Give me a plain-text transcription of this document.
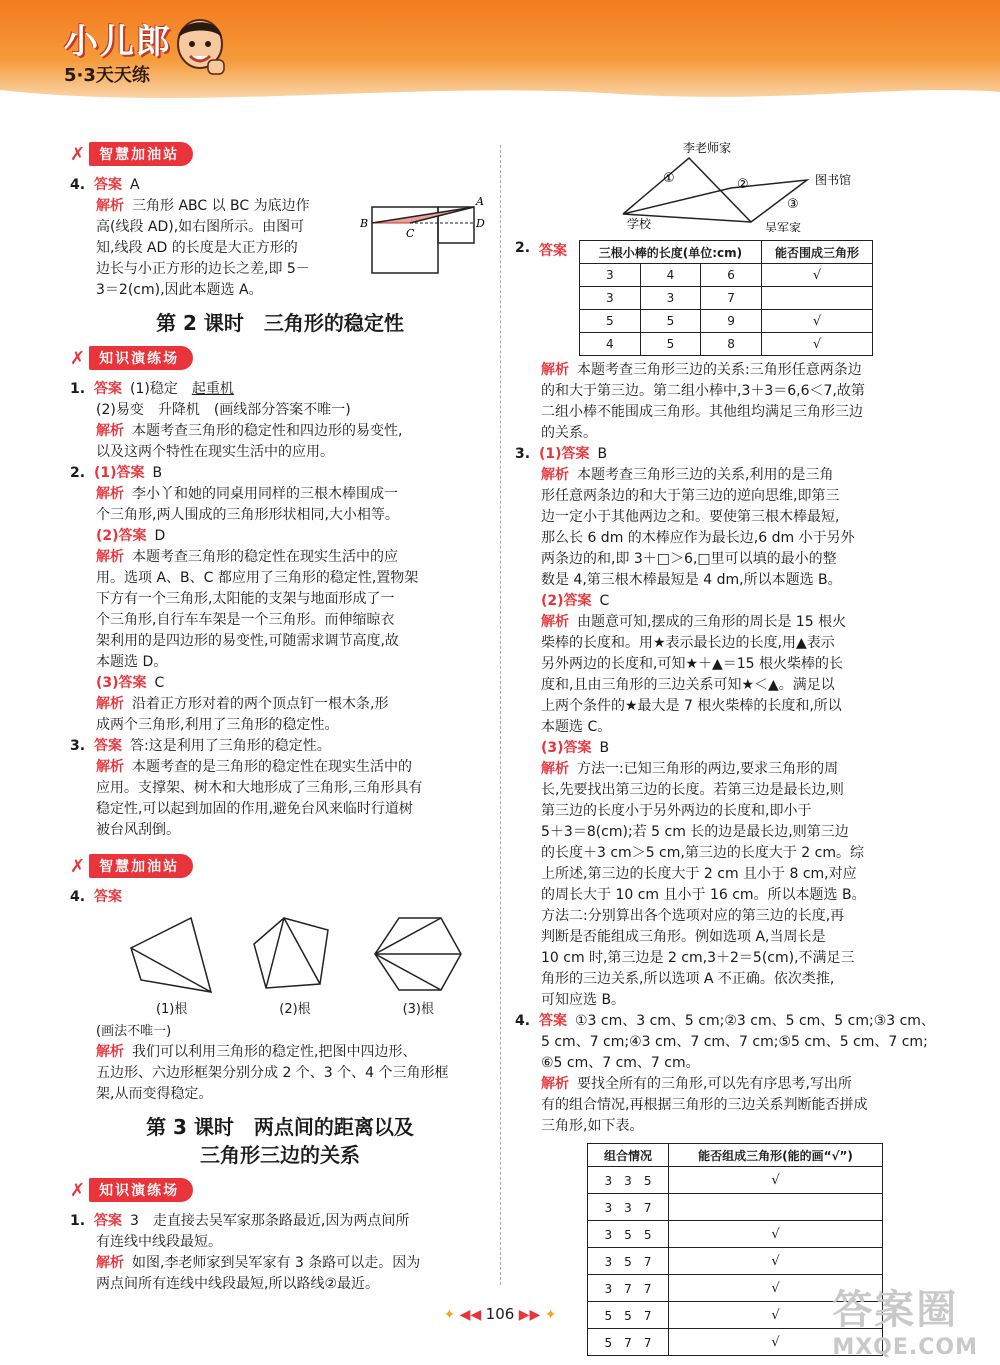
小儿郎
5·3天天练
✗	智慧加油站

4. 答案 A

解析 三角形 ABC 以 BC 为底边作

高(线段 AD),如右图所示。由图可

知,线段 AD 的长度是大正方形的

边长与小正方形的边长之差,即 5－

3＝2(cm),因此本题选 A。

A
B
C
D
第 2 课时　三角形的稳定性
✗	知识演练场

1. 答案 (1)稳定　 起重机

(2)易变　升降机　(画线部分答案不唯一)

解析 本题考查三角形的稳定性和四边形的易变性,

以及这两个特性在现实生活中的应用。

2. (1)答案 B

解析 李小丫和她的同桌用同样的三根木棒围成一

个三角形,两人围成的三角形形状相同,大小相等。

(2)答案 D

解析 本题考查三角形的稳定性在现实生活中的应

用。选项 A、B、C 都应用了三角形的稳定性,置物架

下方有一个三角形,太阳能的支架与地面形成了一

个三角形,自行车车架是一个三角形。而伸缩晾衣

架利用的是四边形的易变性,可随需求调节高度,故

本题选 D。

(3)答案 C

解析 沿着正方形对着的两个顶点钉一根木条,形

成两个三角形,利用了三角形的稳定性。

3. 答案 答:这是利用了三角形的稳定性。

解析 本题考查的是三角形的稳定性在现实生活中的

应用。支撑架、树木和大地形成了三角形,三角形具有

稳定性,可以起到加固的作用,避免台风来临时行道树

被台风刮倒。

✗	智慧加油站

4. 答案

(1)根	(2)根	(3)根

(画法不唯一)

解析 我们可以利用三角形的稳定性,把图中四边形、

五边形、六边形框架分别分成 2 个、3 个、4 个三角形框

架,从而变得稳定。

第 3 课时　两点间的距离以及
三角形三边的关系
✗	知识演练场

1. 答案 3　走直接去吴军家那条路最近,因为两点间所

有连线中线段最短。

解析 如图,李老师家到吴军家有 3 条路可以走。因为

两点间所有连线中线段最短,所以路线②最近。

李老师家
图书馆
学校	吴军家
①	②
③
2. 答案	三根小棒的长度(单位:cm)			能否围成三角形
3	4	6	√
3	3	7	
5	5	9	√
4	5	8	√

解析 本题考查三角形三边的关系:三角形任意两条边

的和大于第三边。第二组小棒中,3＋3＝6,6＜7,故第

二组小棒不能围成三角形。其他组均满足三角形三边

的关系。

3. (1)答案 B

解析 本题考查三角形三边的关系,利用的是三角

形任意两条边的和大于第三边的逆向思维,即第三

边一定小于其他两边之和。要使第三根木棒最短,

那么长 6 dm 的木棒应作为最长边,6 dm 小于另外

两条边的和,即 3＋□＞6,□里可以填的最小的整

数是 4,第三根木棒最短是 4 dm,所以本题选 B。

(2)答案 C

解析 由题意可知,摆成的三角形的周长是 15 根火

柴棒的长度和。用★表示最长边的长度,用▲表示

另外两边的长度和,可知★＋▲＝15 根火柴棒的长

度和,且由三角形的三边关系可知★＜▲。满足以

上两个条件的★最大是 7 根火柴棒的长度和,所以

本题选 C。

(3)答案 B

解析 方法一:已知三角形的两边,要求三角形的周

长,先要找出第三边的长度。若第三边是最长边,则

第三边的长度小于另外两边的长度和,即小于

5＋3＝8(cm);若 5 cm 长的边是最长边,则第三边

的长度＋3 cm＞5 cm,第三边的长度大于 2 cm。综

上所述,第三边的长度大于 2 cm 且小于 8 cm,对应

的周长大于 10 cm 且小于 16 cm。所以本题选 B。

方法二:分别算出各个选项对应的第三边的长度,再

判断是否能组成三角形。例如选项 A,当周长是

10 cm 时,第三边是 2 cm,3＋2＝5(cm),不满足三

角形的三边关系,所以选项 A 不正确。依次类推,

可知应选 B。

4. 答案 ①3 cm、3 cm、5 cm;②3 cm、5 cm、5 cm;③3 cm、

5 cm、7 cm;④3 cm、7 cm、7 cm;⑤5 cm、5 cm、7 cm;

⑥5 cm、7 cm、7 cm。

解析 要找全所有的三角形,可以先有序思考,写出所

有的组合情况,再根据三角形的三边关系判断能否拼成

三角形,如下表。

组合情况	能否组成三角形(能的画“√”)
3　3　5	√
3　3　7	
3　5　5	√
3　5　7	√
3　7　7	√
5　5　7	√
5　7　7	√
✦ ◀◀ 106 ▶▶ ✦	答案圈
MXQE.COM
